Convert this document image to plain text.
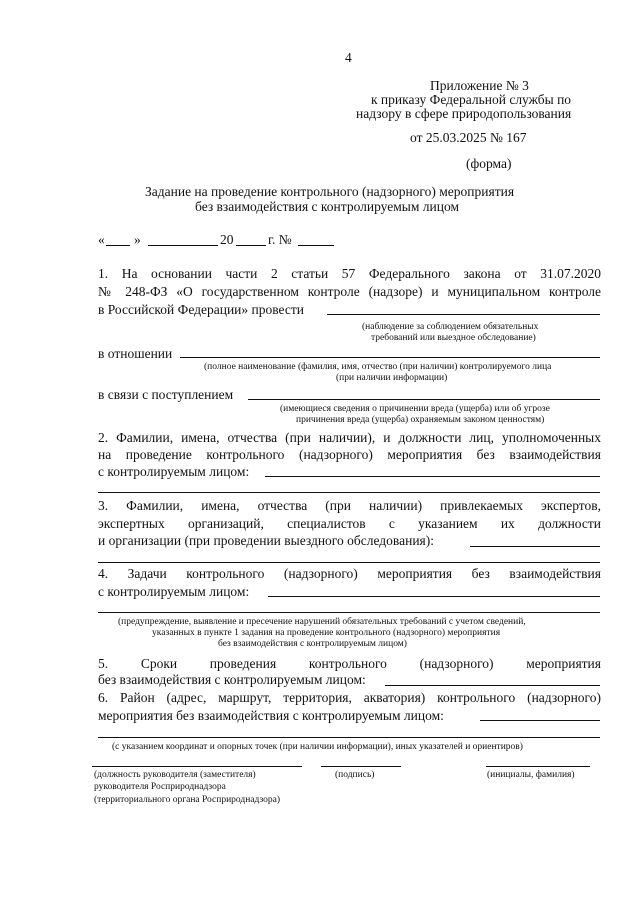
4
Приложение № 3
к приказу Федеральной службы по
надзору в сфере природопользования
от 25.03.2025 № 167
(форма)
Задание на проведение контрольного (надзорного) мероприятия
без взаимодействия с контролируемым лицом
« »	20	г. №
1. На основании части 2 статьи 57 Федерального закона от 31.07.2020
№ 248-ФЗ «О государственном контроле (надзоре) и муниципальном контроле
в Российской Федерации» провести
(наблюдение за соблюдением обязательных
требований или выездное обследование)
в отношении
(полное наименование (фамилия, имя, отчество (при наличии) контролируемого лица
(при наличии информации)
в связи с поступлением
(имеющиеся сведения о причинении вреда (ущерба) или об угрозе
причинения вреда (ущерба) охраняемым законом ценностям)
2. Фамилии, имена, отчества (при наличии), и должности лиц, уполномоченных
на проведение контрольного (надзорного) мероприятия без взаимодействия
с контролируемым лицом:
3. Фамилии, имена, отчества (при наличии) привлекаемых экспертов,
экспертных организаций, специалистов с указанием их должности
и организации (при проведении выездного обследования):
4. Задачи контрольного (надзорного) мероприятия без взаимодействия
с контролируемым лицом:
(предупреждение, выявление и пресечение нарушений обязательных требований с учетом сведений,
указанных в пункте 1 задания на проведение контрольного (надзорного) мероприятия
без взаимодействия с контролируемым лицом)
5. Сроки проведения контрольного (надзорного) мероприятия
без взаимодействия с контролируемым лицом:
6. Район (адрес, маршрут, территория, акватория) контрольного (надзорного)
мероприятия без взаимодействия с контролируемым лицом:
(с указанием координат и опорных точек (при наличии информации), иных указателей и ориентиров)
(должность руководителя (заместителя)
руководителя Росприроднадзора
(территориального органа Росприроднадзора)
(подпись)	(инициалы, фамилия)
